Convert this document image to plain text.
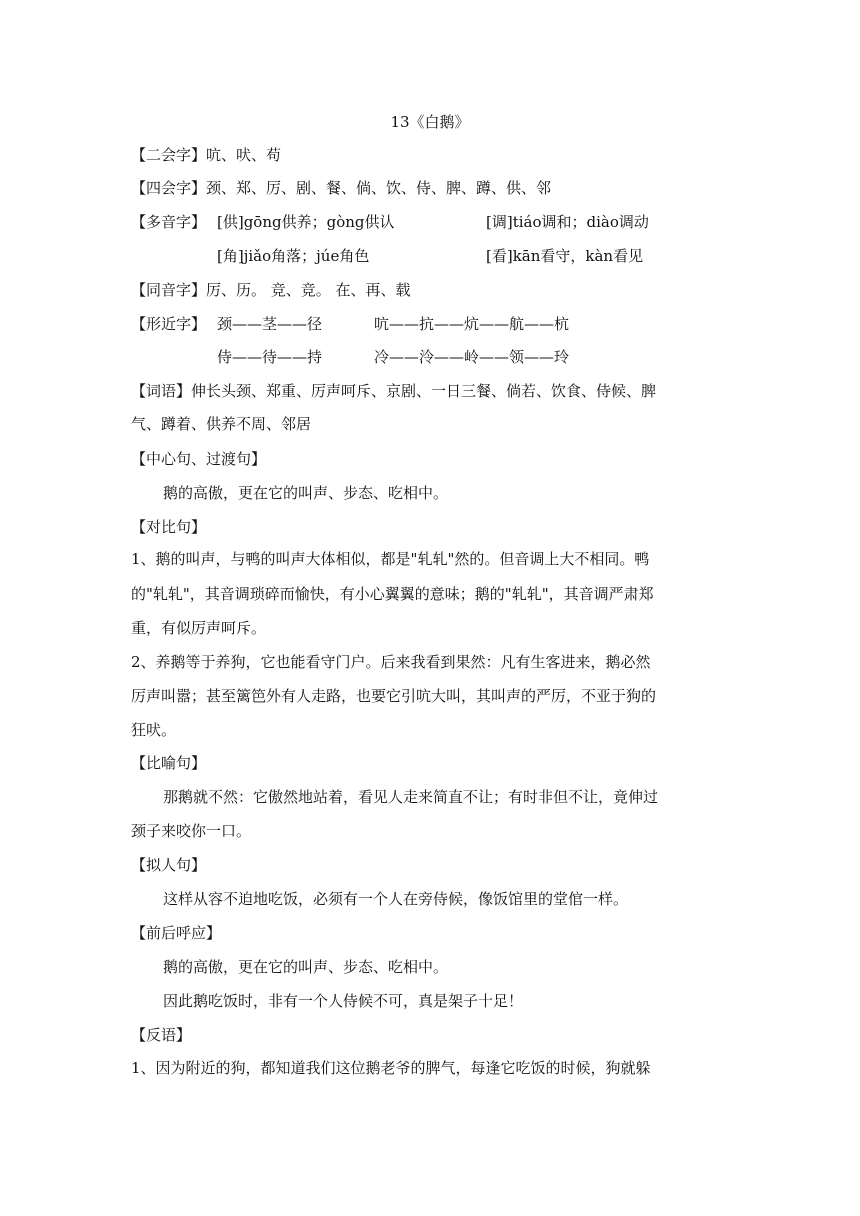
13《白鹅》
【二会字】吭、吠、苟
【四会字】颈、郑、厉、剧、餐、倘、饮、侍、脾、蹲、供、邻
【多音字】 [供]gōng供养；gòng供认	[调]tiáo调和；diào调动
[角]jiǎo角落；júe角色	[看]kān看守，kàn看见
【同音字】厉、历。 竞、竞。 在、再、载
【形近字】 颈——茎——径	吭——抗——炕——航——杭
侍——待——持	冷——泠——岭——领——玲
【词语】伸长头颈、郑重、厉声呵斥、京剧、一日三餐、倘若、饮食、侍候、脾
气、蹲着、供养不周、邻居
【中心句、过渡句】
鹅的高傲，更在它的叫声、步态、吃相中。
【对比句】
1、鹅的叫声，与鸭的叫声大体相似，都是"轧轧"然的。但音调上大不相同。鸭
的"轧轧"，其音调琐碎而愉快，有小心翼翼的意味；鹅的"轧轧"，其音调严肃郑
重，有似厉声呵斥。
2、养鹅等于养狗，它也能看守门户。后来我看到果然：凡有生客进来，鹅必然
厉声叫嚣；甚至篱笆外有人走路，也要它引吭大叫，其叫声的严厉，不亚于狗的
狂吠。
【比喻句】
那鹅就不然：它傲然地站着，看见人走来简直不让；有时非但不让，竟伸过
颈子来咬你一口。
【拟人句】
这样从容不迫地吃饭，必须有一个人在旁侍候，像饭馆里的堂倌一样。
【前后呼应】
鹅的高傲，更在它的叫声、步态、吃相中。
因此鹅吃饭时，非有一个人侍候不可，真是架子十足！
【反语】
1、因为附近的狗，都知道我们这位鹅老爷的脾气，每逢它吃饭的时候，狗就躲
